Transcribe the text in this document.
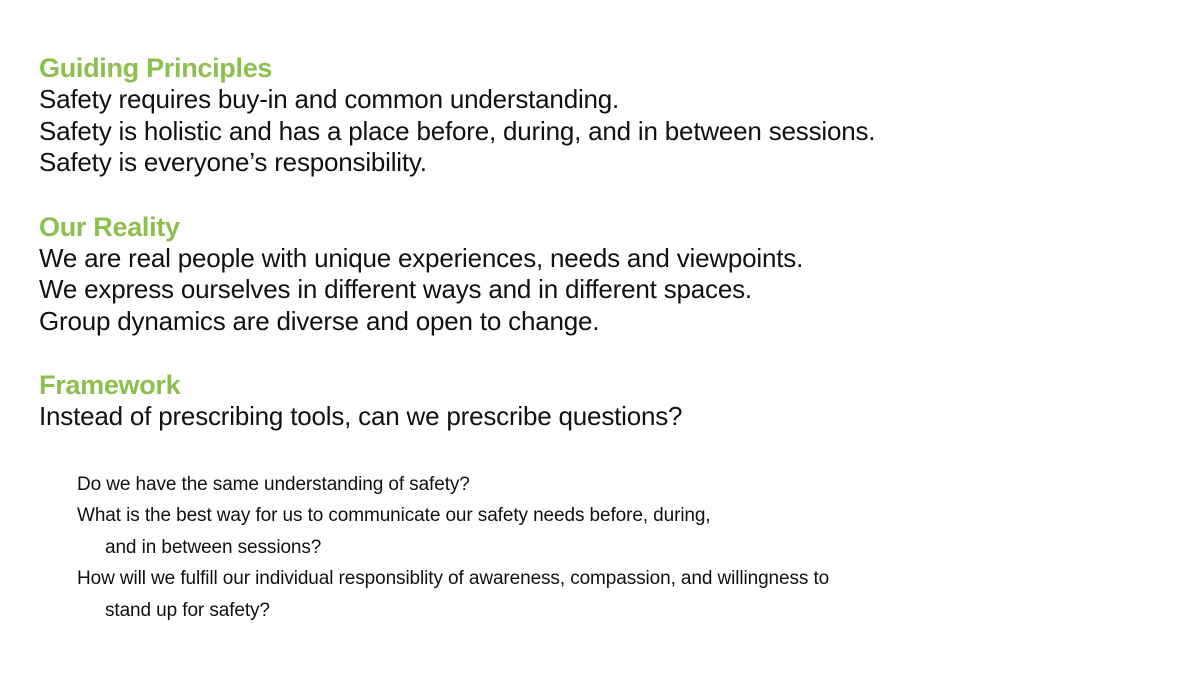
Guiding Principles

Safety requires buy-in and common understanding.

Safety is holistic and has a place before, during, and in between sessions.

Safety is everyone’s responsibility.

Our Reality

We are real people with unique experiences, needs and viewpoints.

We express ourselves in different ways and in different spaces.

Group dynamics are diverse and open to change.

Framework

Instead of prescribing tools, can we prescribe questions?

Do we have the same understanding of safety?

What is the best way for us to communicate our safety needs before, during,

and in between sessions?

How will we fulfill our individual responsiblity of awareness, compassion, and willingness to

stand up for safety?
